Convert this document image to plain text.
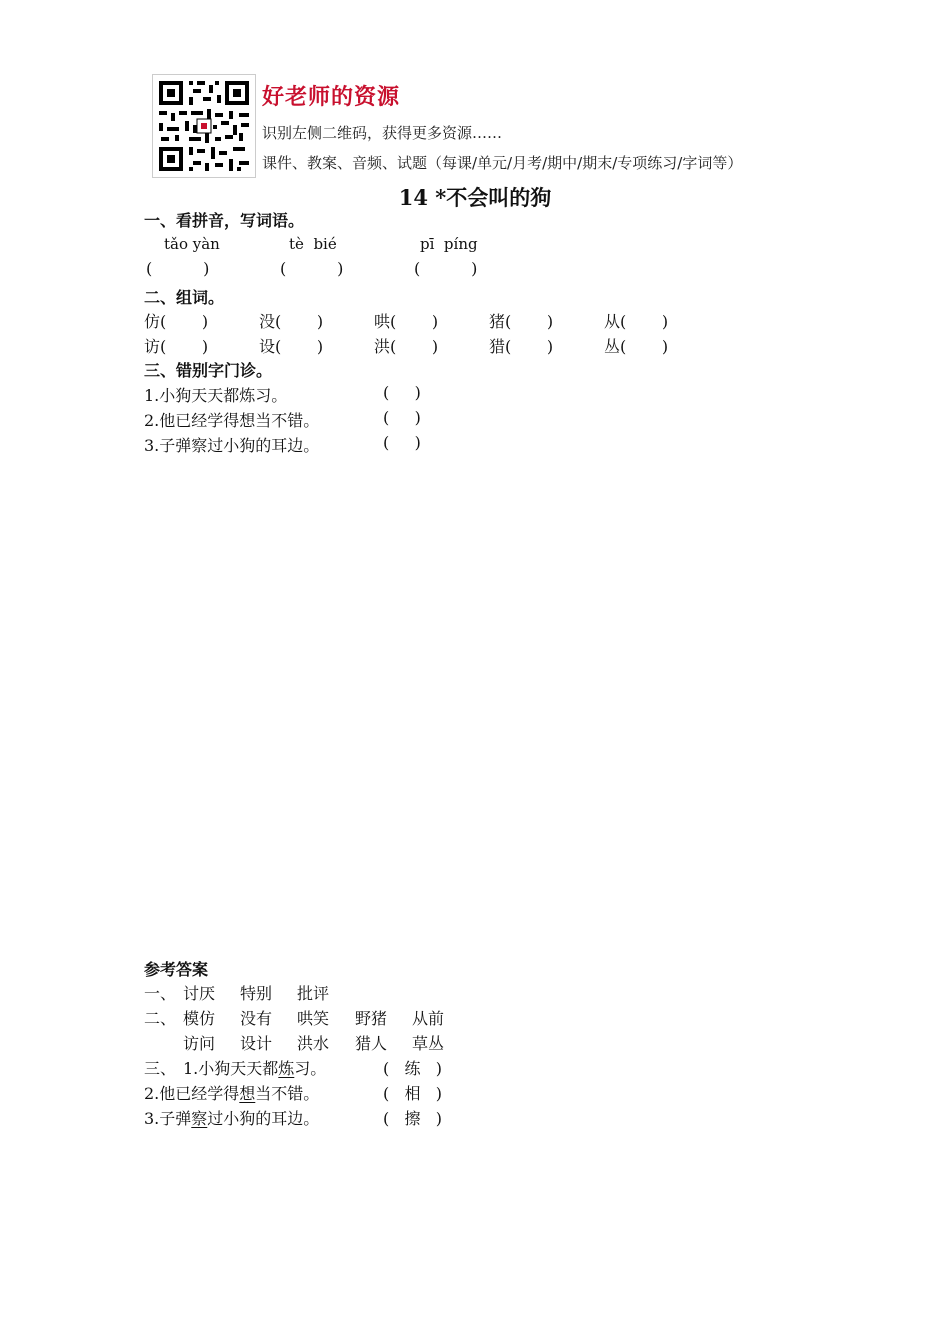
好老师的资源
识别左侧二维码，获得更多资源……
课件、教案、音频、试题（每课/单元/月考/期中/期末/专项练习/字词等）
14 *不会叫的狗
一、看拼音，写词语。
tǎo yàn	tè  bié	pī  píng
(          )	(          )	(          )
二、组词。
仿(       )	没(       )	哄(       )	猪(       )	从(       )
访(       )	设(       )	洪(       )	猎(       )	丛(       )
三、错别字门诊。
1.小狗天天都炼习。	(     )
2.他已经学得想当不错。	(     )
3.子弹察过小狗的耳边。	(     )
参考答案
一、 讨厌 特别 批评
二、 模仿 没有 哄笑 野猪 从前
访问 设计 洪水 猎人 草丛
三、 1.小狗天天都炼习。	(   练   )
2.他已经学得想当不错。	(   相   )
3.子弹察过小狗的耳边。	(   擦   )
